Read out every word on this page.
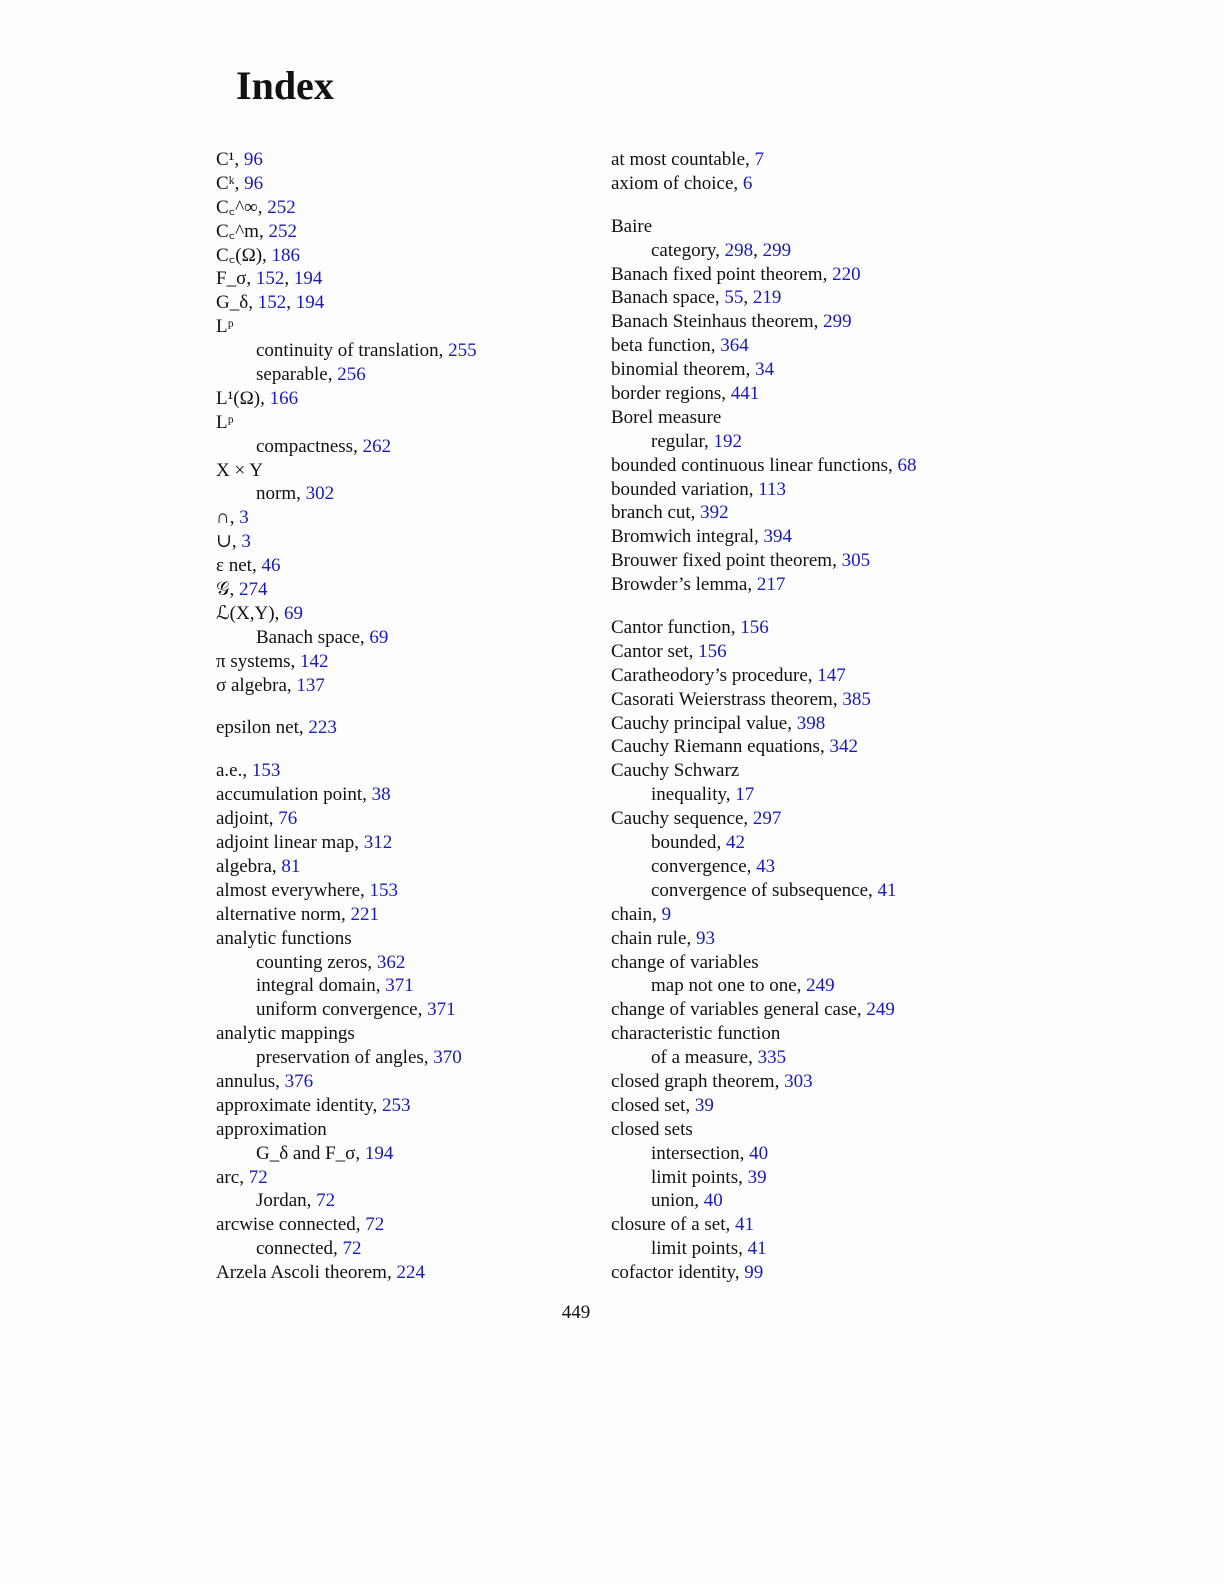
Index
C¹, 96
Cᵏ, 96
C꜀^∞, 252
C꜀^m, 252
C꜀(Ω), 186
F_σ, 152, 194
G_δ, 152, 194
Lᵖ
continuity of translation, 255
separable, 256
L¹(Ω), 166
Lᵖ
compactness, 262
X × Y
norm, 302
∩, 3
∪, 3
ε net, 46
𝒢, 274
ℒ(X,Y), 69
Banach space, 69
π systems, 142
σ algebra, 137
epsilon net, 223
a.e., 153
accumulation point, 38
adjoint, 76
adjoint linear map, 312
algebra, 81
almost everywhere, 153
alternative norm, 221
analytic functions
counting zeros, 362
integral domain, 371
uniform convergence, 371
analytic mappings
preservation of angles, 370
annulus, 376
approximate identity, 253
approximation
G_δ and F_σ, 194
arc, 72
Jordan, 72
arcwise connected, 72
connected, 72
Arzela Ascoli theorem, 224
at most countable, 7
axiom of choice, 6
Baire
category, 298, 299
Banach fixed point theorem, 220
Banach space, 55, 219
Banach Steinhaus theorem, 299
beta function, 364
binomial theorem, 34
border regions, 441
Borel measure
regular, 192
bounded continuous linear functions, 68
bounded variation, 113
branch cut, 392
Bromwich integral, 394
Brouwer fixed point theorem, 305
Browder’s lemma, 217
Cantor function, 156
Cantor set, 156
Caratheodory’s procedure, 147
Casorati Weierstrass theorem, 385
Cauchy principal value, 398
Cauchy Riemann equations, 342
Cauchy Schwarz
inequality, 17
Cauchy sequence, 297
bounded, 42
convergence, 43
convergence of subsequence, 41
chain, 9
chain rule, 93
change of variables
map not one to one, 249
change of variables general case, 249
characteristic function
of a measure, 335
closed graph theorem, 303
closed set, 39
closed sets
intersection, 40
limit points, 39
union, 40
closure of a set, 41
limit points, 41
cofactor identity, 99
449
